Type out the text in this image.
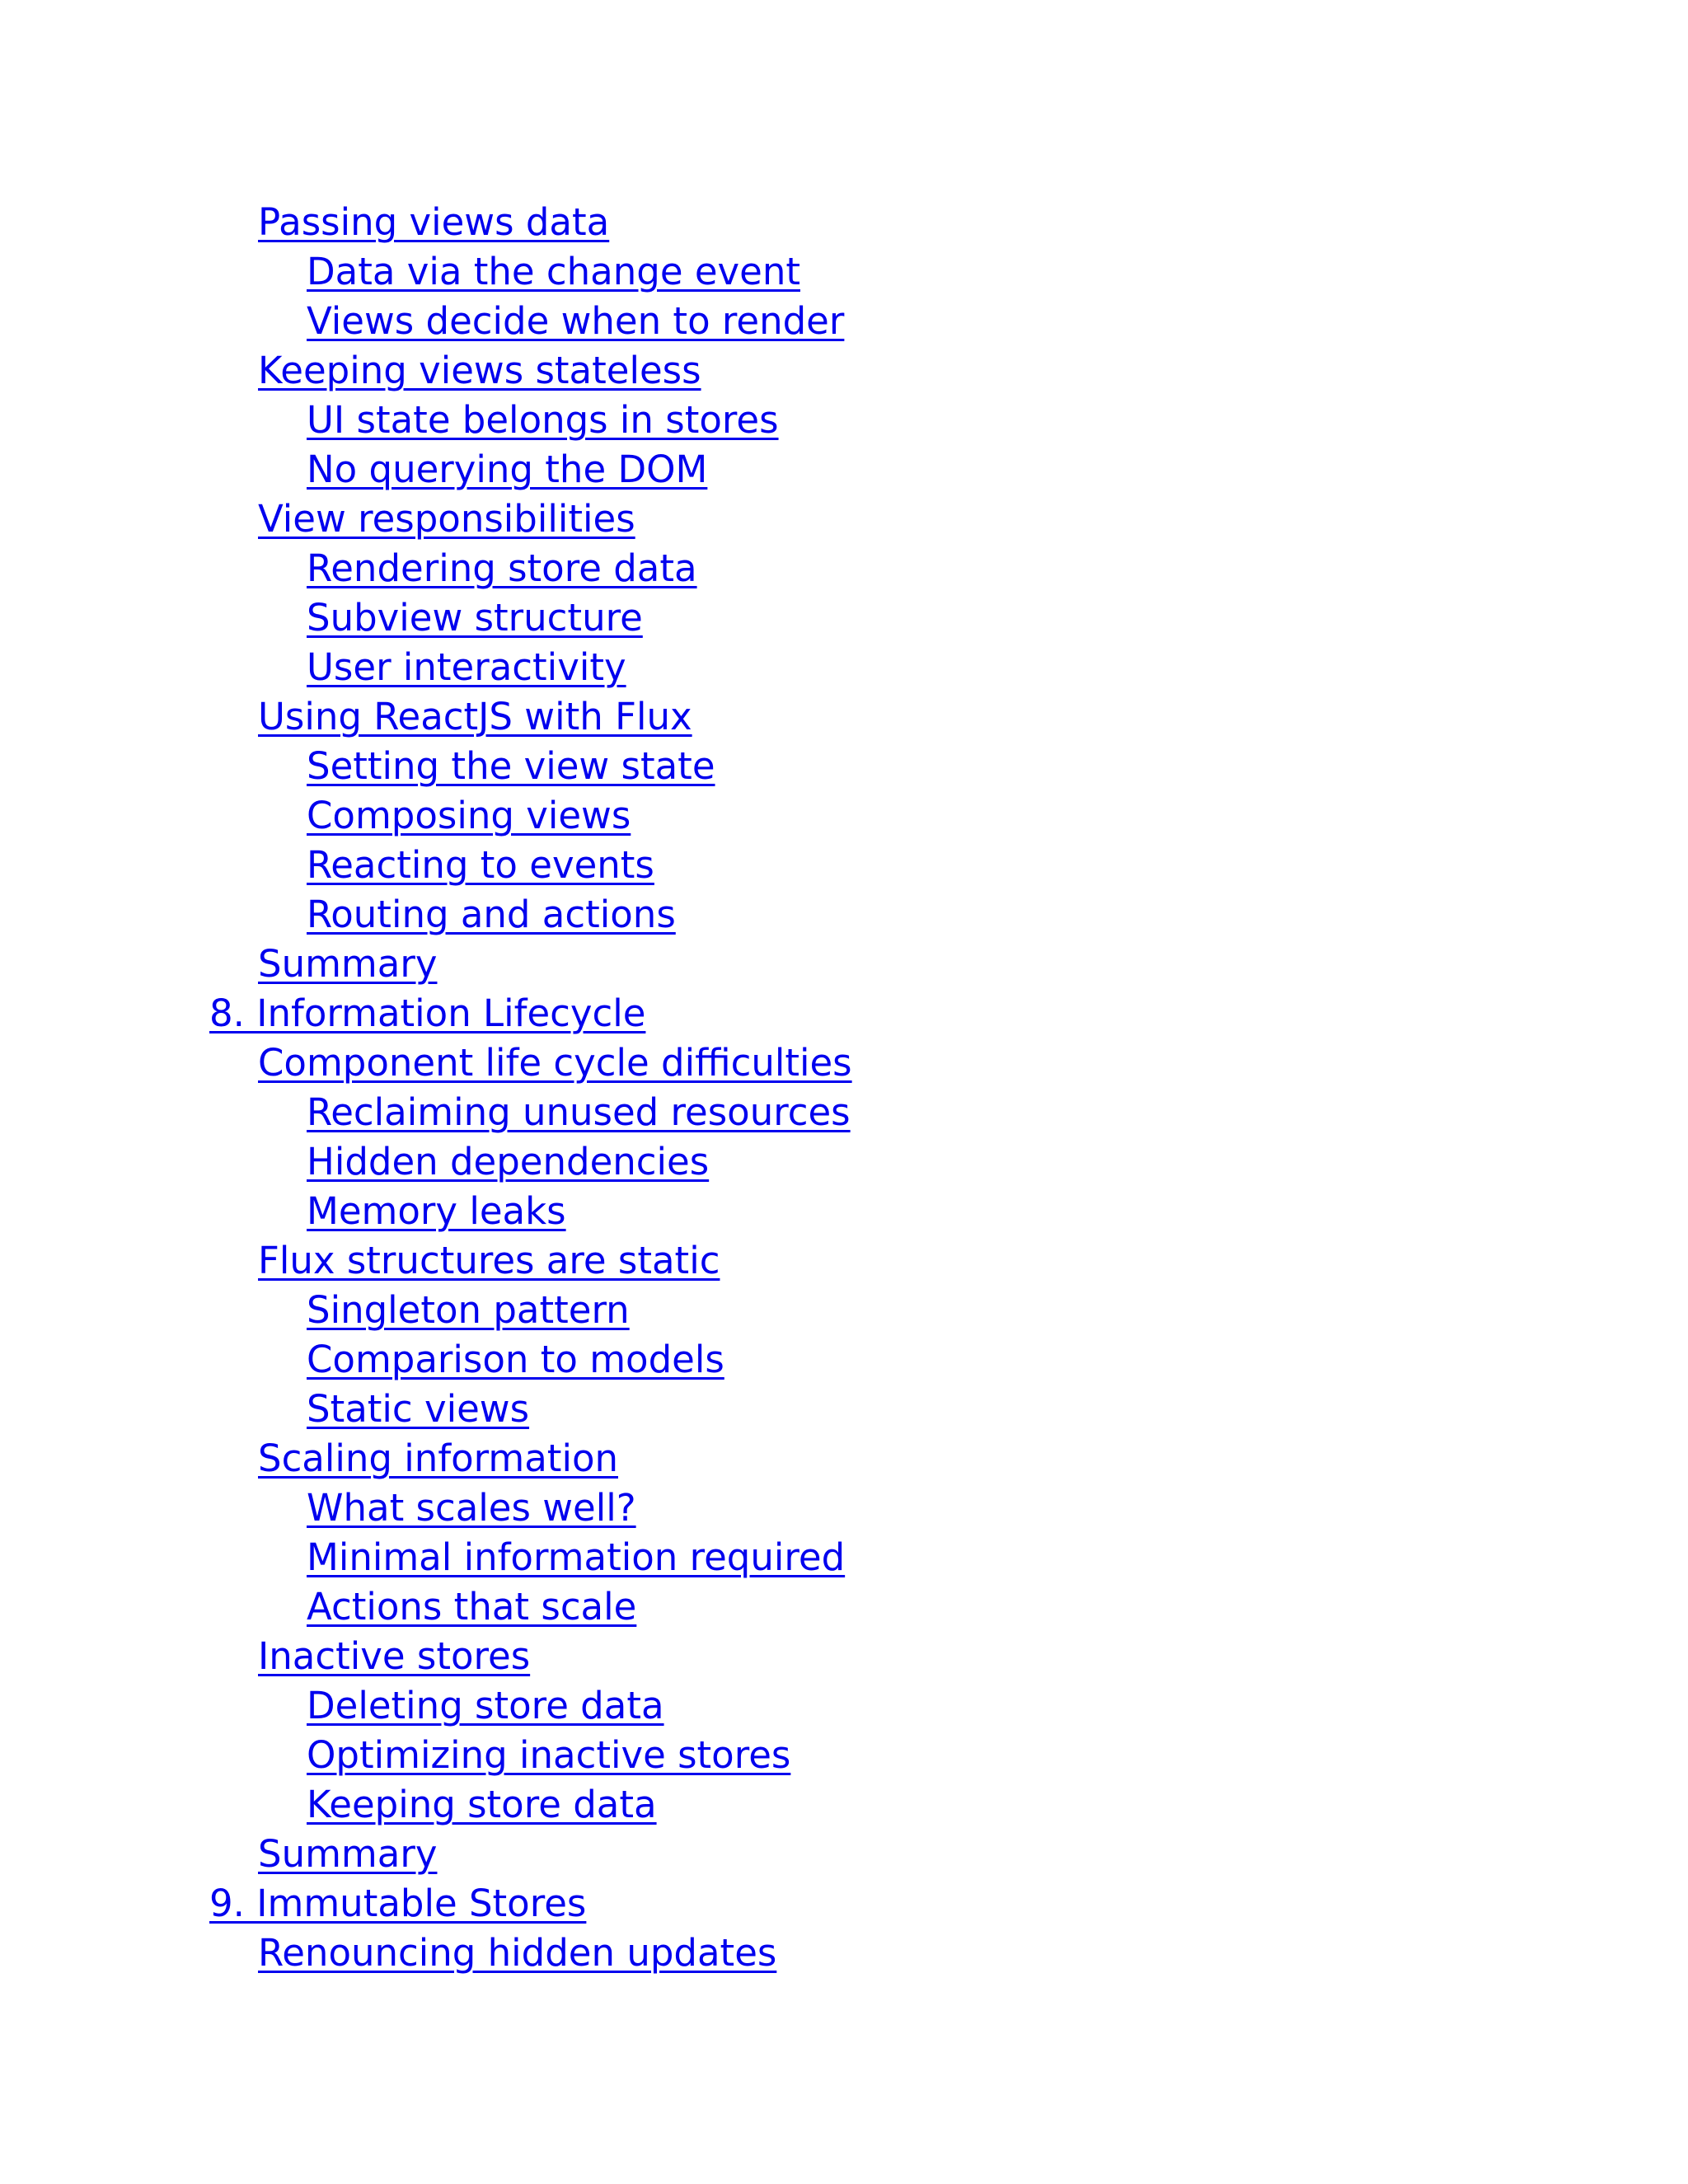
Passing views data
Data via the change event
Views decide when to render
Keeping views stateless
UI state belongs in stores
No querying the DOM
View responsibilities
Rendering store data
Subview structure
User interactivity
Using ReactJS with Flux
Setting the view state
Composing views
Reacting to events
Routing and actions
Summary
8. Information Lifecycle
Component life cycle difficulties
Reclaiming unused resources
Hidden dependencies
Memory leaks
Flux structures are static
Singleton pattern
Comparison to models
Static views
Scaling information
What scales well?
Minimal information required
Actions that scale
Inactive stores
Deleting store data
Optimizing inactive stores
Keeping store data
Summary
9. Immutable Stores
Renouncing hidden updates
